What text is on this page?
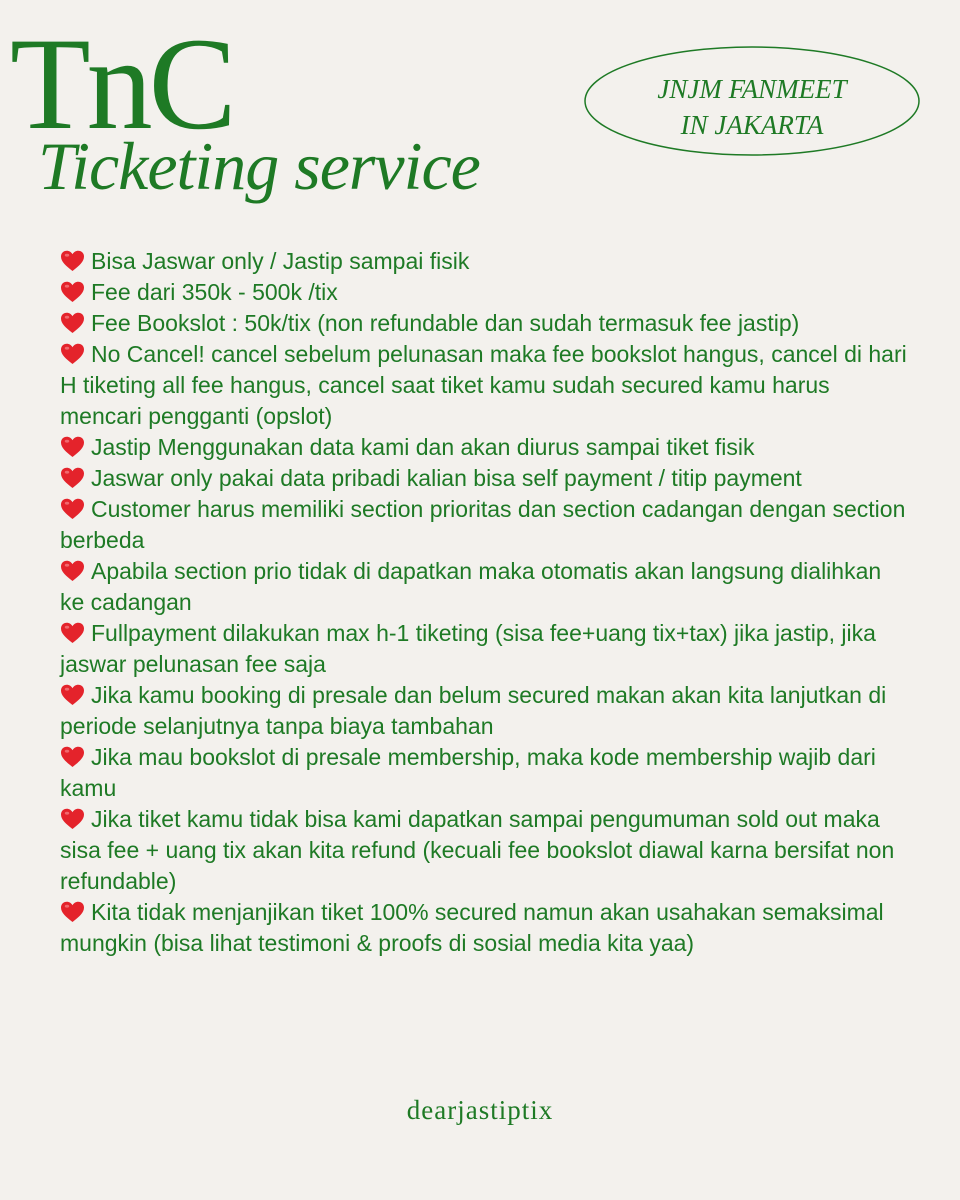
TnC
Ticketing service
JNJM FANMEET
IN JAKARTA
Bisa Jaswar only / Jastip sampai fisik
Fee dari 350k - 500k /tix
Fee Bookslot : 50k/tix (non refundable dan sudah termasuk fee jastip)
No Cancel! cancel sebelum pelunasan maka fee bookslot hangus, cancel di hari H tiketing all fee hangus, cancel saat tiket kamu sudah secured kamu harus mencari pengganti (opslot)
Jastip Menggunakan data kami dan akan diurus sampai tiket fisik
Jaswar only pakai data pribadi kalian bisa self payment / titip payment
Customer harus memiliki section prioritas dan section cadangan dengan section berbeda
Apabila section prio tidak di dapatkan maka otomatis akan langsung dialihkan ke cadangan
Fullpayment dilakukan max h-1 tiketing (sisa fee+uang tix+tax) jika jastip, jika jaswar pelunasan fee saja
Jika kamu booking di presale dan belum secured makan akan kita lanjutkan di periode selanjutnya tanpa biaya tambahan
Jika mau bookslot di presale membership, maka kode membership wajib dari kamu
Jika tiket kamu tidak bisa kami dapatkan sampai pengumuman sold out maka sisa fee + uang tix akan kita refund (kecuali fee bookslot diawal karna bersifat non refundable)
Kita tidak menjanjikan tiket 100% secured namun akan usahakan semaksimal mungkin (bisa lihat testimoni & proofs di sosial media kita yaa)
dearjastiptix
